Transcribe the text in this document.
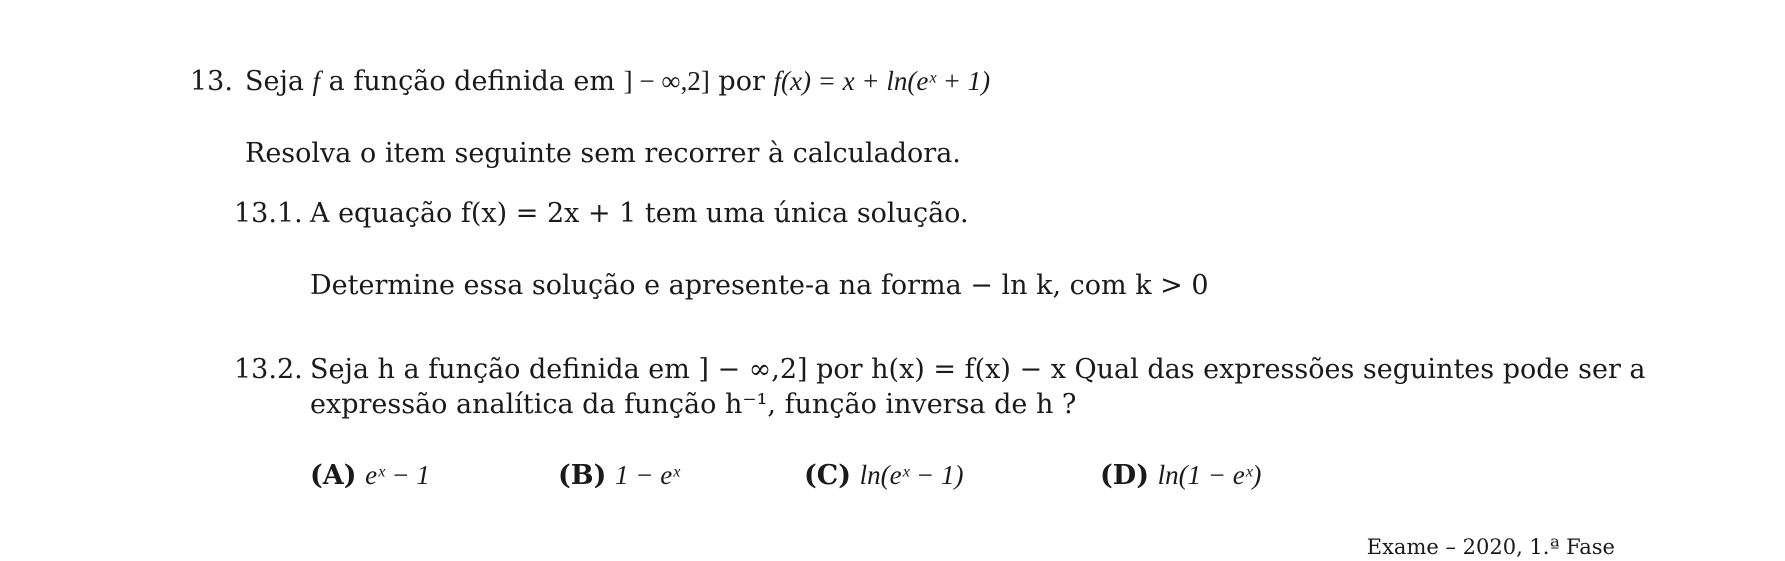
13. Seja f a função definida em ] − ∞,2] por f(x) = x + ln(eˣ + 1)
Resolva o item seguinte sem recorrer à calculadora.
13.1. A equação f(x) = 2x + 1 tem uma única solução.
Determine essa solução e apresente-a na forma − ln k, com k > 0
13.2. Seja h a função definida em ] − ∞,2] por h(x) = f(x) − x Qual das expressões seguintes pode ser a
expressão analítica da função h⁻¹, função inversa de h ?
(A) eˣ − 1	(B) 1 − eˣ	(C) ln(eˣ − 1)	(D) ln(1 − eˣ)
Exame – 2020, 1.ª Fase
